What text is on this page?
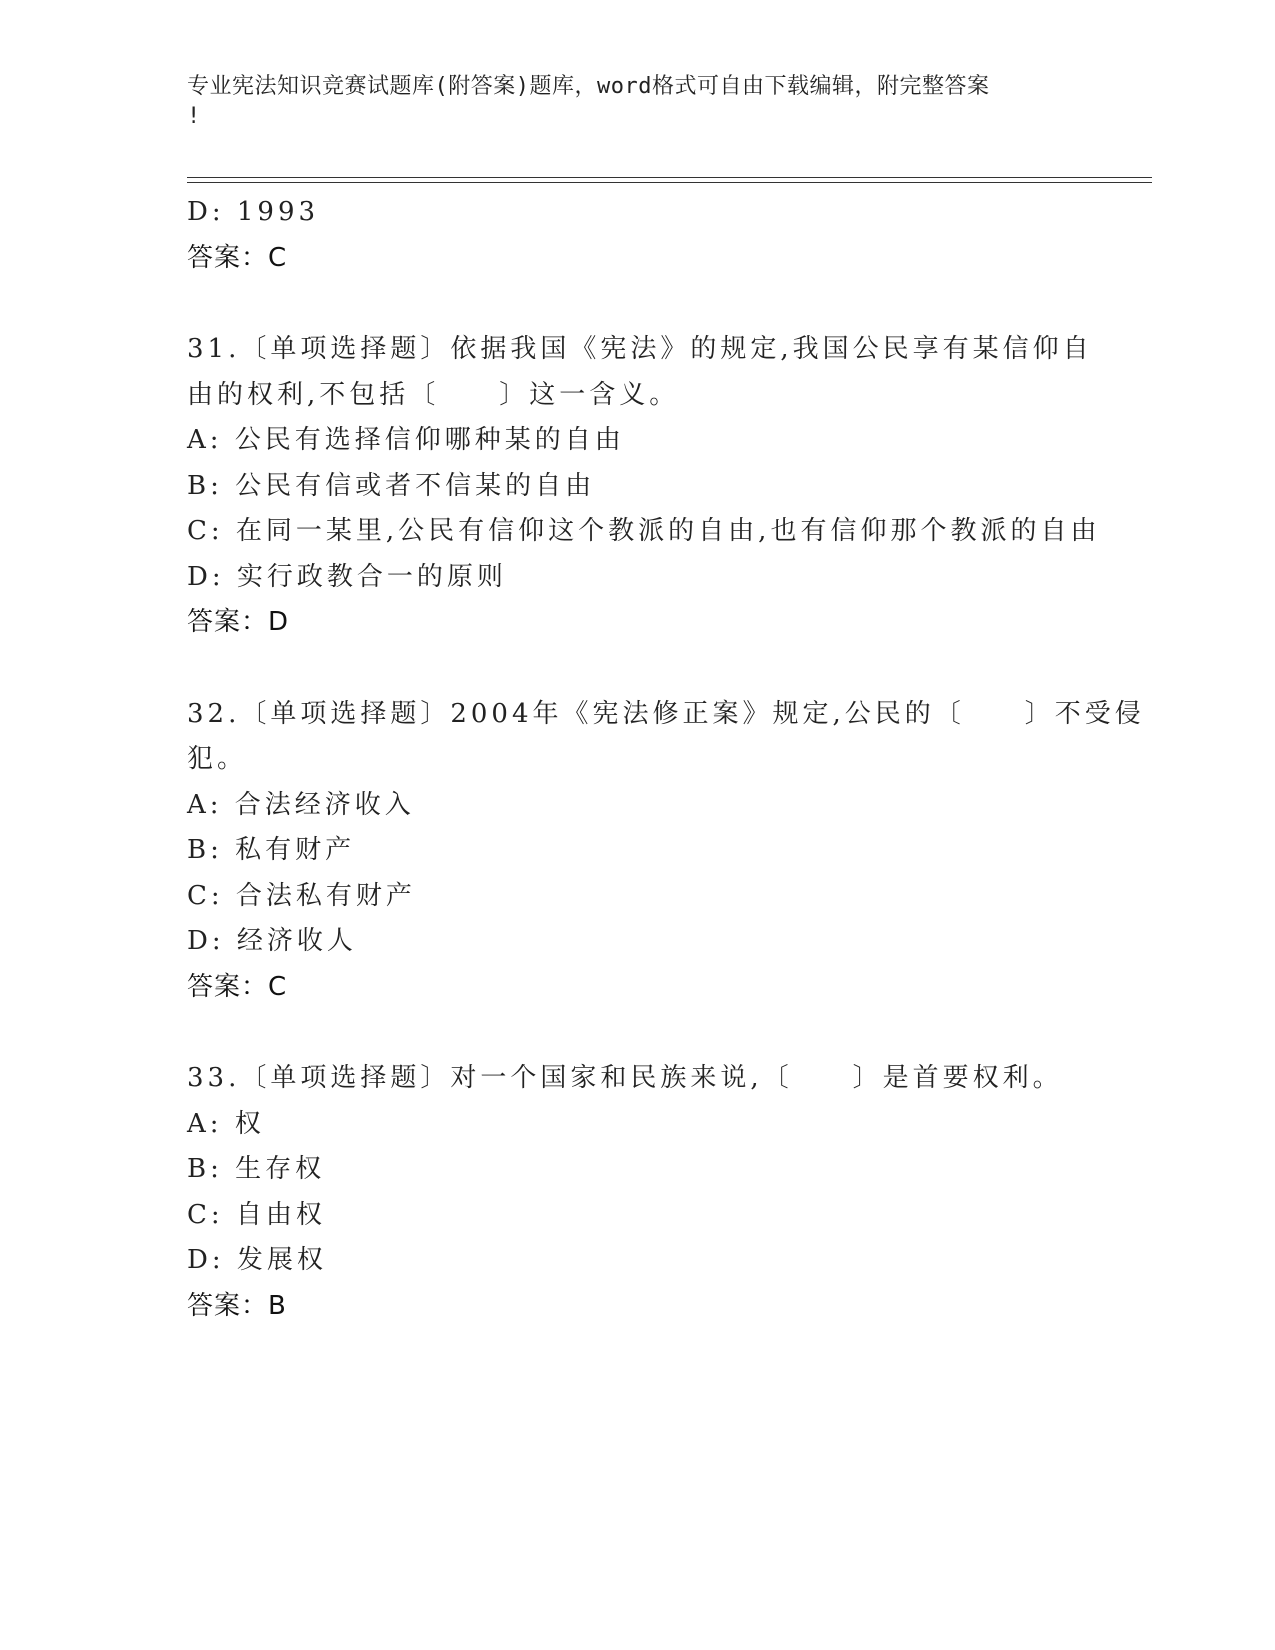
专业宪法知识竞赛试题库(附答案)题库，word格式可自由下载编辑，附完整答案
!
D: 1993
答案：C
31.〔单项选择题〕依据我国《宪法》的规定,我国公民享有某信仰自
由的权利,不包括〔　　〕这一含义。
A: 公民有选择信仰哪种某的自由
B: 公民有信或者不信某的自由
C: 在同一某里,公民有信仰这个教派的自由,也有信仰那个教派的自由
D: 实行政教合一的原则
答案：D
32.〔单项选择题〕2004年《宪法修正案》规定,公民的〔　　〕不受侵
犯。
A: 合法经济收入
B: 私有财产
C: 合法私有财产
D: 经济收人
答案：C
33.〔单项选择题〕对一个国家和民族来说,〔　　〕是首要权利。
A: 权
B: 生存权
C: 自由权
D: 发展权
答案：B
